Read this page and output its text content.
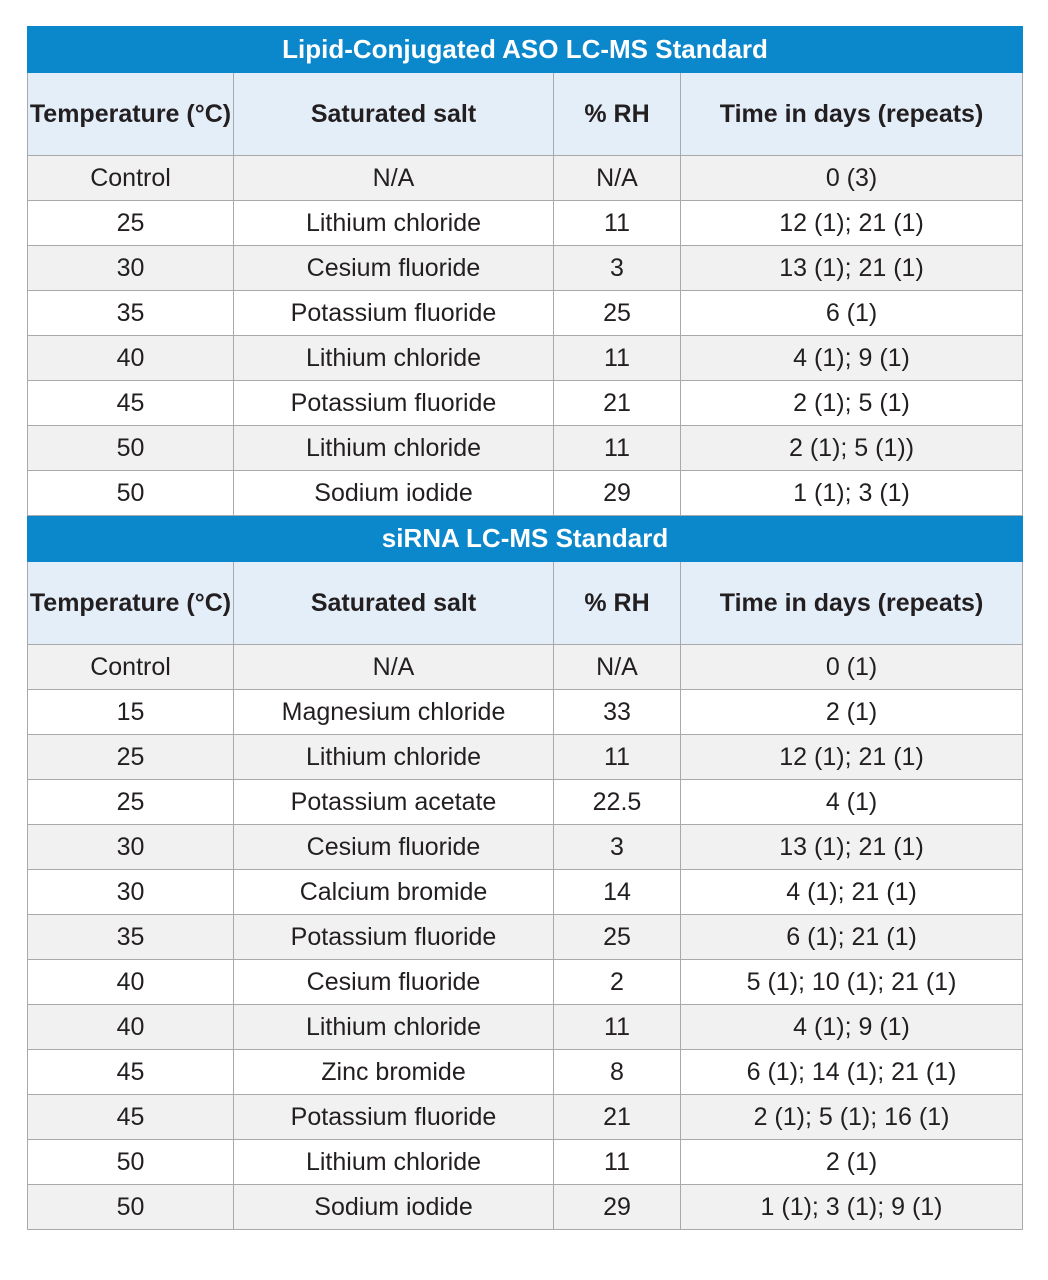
Lipid-Conjugated ASO LC-MS Standard			
Temperature (°C)	Saturated salt	% RH	Time in days (repeats)
Control	N/A	N/A	0 (3)
25	Lithium chloride	11	12 (1); 21 (1)
30	Cesium fluoride	3	13 (1); 21 (1)
35	Potassium fluoride	25	6 (1)
40	Lithium chloride	11	4 (1); 9 (1)
45	Potassium fluoride	21	2 (1); 5 (1)
50	Lithium chloride	11	2 (1); 5 (1))
50	Sodium iodide	29	1 (1); 3 (1)
siRNA LC-MS Standard			
Temperature (°C)	Saturated salt	% RH	Time in days (repeats)
Control	N/A	N/A	0 (1)
15	Magnesium chloride	33	2 (1)
25	Lithium chloride	11	12 (1); 21 (1)
25	Potassium acetate	22.5	4 (1)
30	Cesium fluoride	3	13 (1); 21 (1)
30	Calcium bromide	14	4 (1); 21 (1)
35	Potassium fluoride	25	6 (1); 21 (1)
40	Cesium fluoride	2	5 (1); 10 (1); 21 (1)
40	Lithium chloride	11	4 (1); 9 (1)
45	Zinc bromide	8	6 (1); 14 (1); 21 (1)
45	Potassium fluoride	21	2 (1); 5 (1); 16 (1)
50	Lithium chloride	11	2 (1)
50	Sodium iodide	29	1 (1); 3 (1); 9 (1)
